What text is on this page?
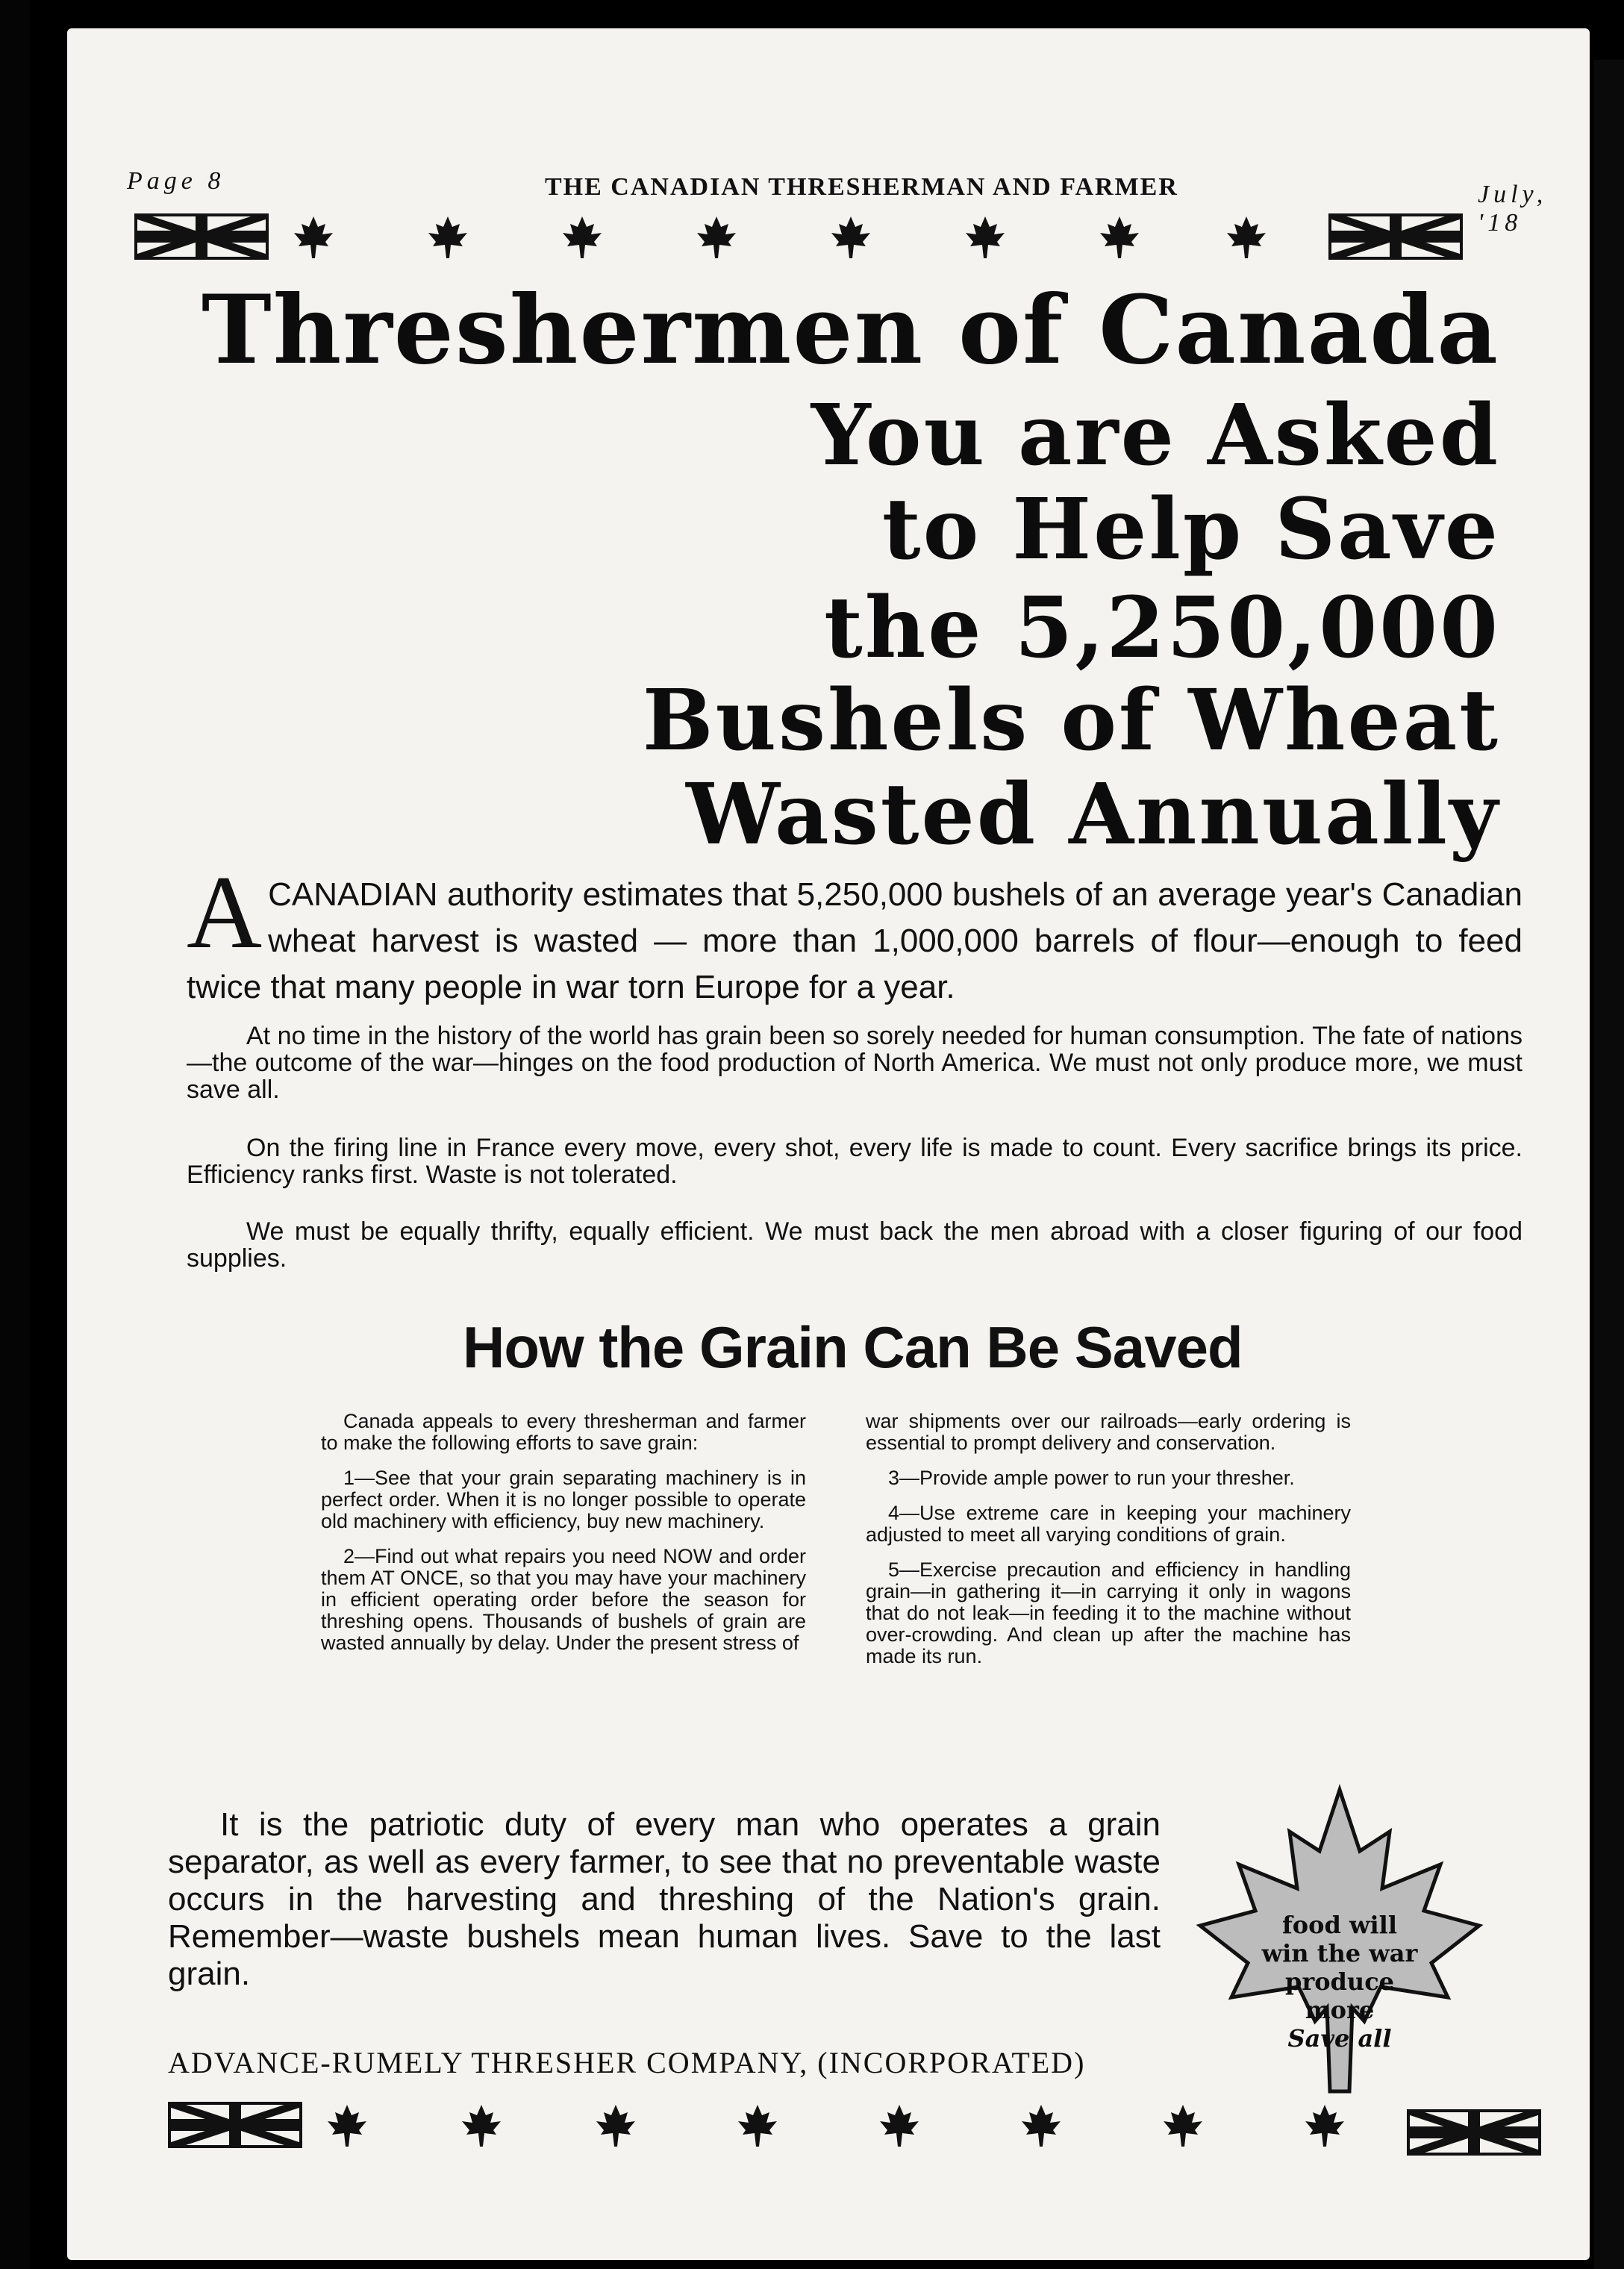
Page 8	THE CANADIAN THRESHERMAN AND FARMER	July, '18
Threshermen of Canada
You are Asked
to Help Save
the 5,250,000
Bushels of Wheat
Wasted Annually
A CANADIAN authority estimates that 5,250,000 bushels of an average year's Canadian wheat harvest is wasted — more than 1,000,000 barrels of flour—enough to feed twice that many people in war torn Europe for a year.
At no time in the history of the world has grain been so sorely needed for human consumption. The fate of nations —the outcome of the war—hinges on the food production of North America. We must not only produce more, we must save all.
On the firing line in France every move, every shot, every life is made to count. Every sacrifice brings its price. Efficiency ranks first. Waste is not tolerated.
We must be equally thrifty, equally efficient. We must back the men abroad with a closer figuring of our food supplies.
How the Grain Can Be Saved

Canada appeals to every thresherman and farmer to make the following efforts to save grain:

1—See that your grain separating machinery is in perfect order. When it is no longer possible to operate old machinery with efficiency, buy new machinery.

2—Find out what repairs you need NOW and order them AT ONCE, so that you may have your machinery in efficient operating order before the season for threshing opens. Thousands of bushels of grain are wasted annually by delay. Under the present stress of

war shipments over our railroads—early ordering is essential to prompt delivery and conservation.

3—Provide ample power to run your thresher.

4—Use extreme care in keeping your machinery adjusted to meet all varying conditions of grain.

5—Exercise precaution and efficiency in handling grain—in gathering it—in carrying it only in wagons that do not leak—in feeding it to the machine without over-crowding. And clean up after the machine has made its run.

It is the patriotic duty of every man who operates a grain separator, as well as every farmer, to see that no preventable waste occurs in the harvesting and threshing of the Nation's grain. Remember—waste bushels mean human lives. Save to the last grain.
ADVANCE-RUMELY THRESHER COMPANY, (INCORPORATED)
food will
win the war
produce more
Save all
